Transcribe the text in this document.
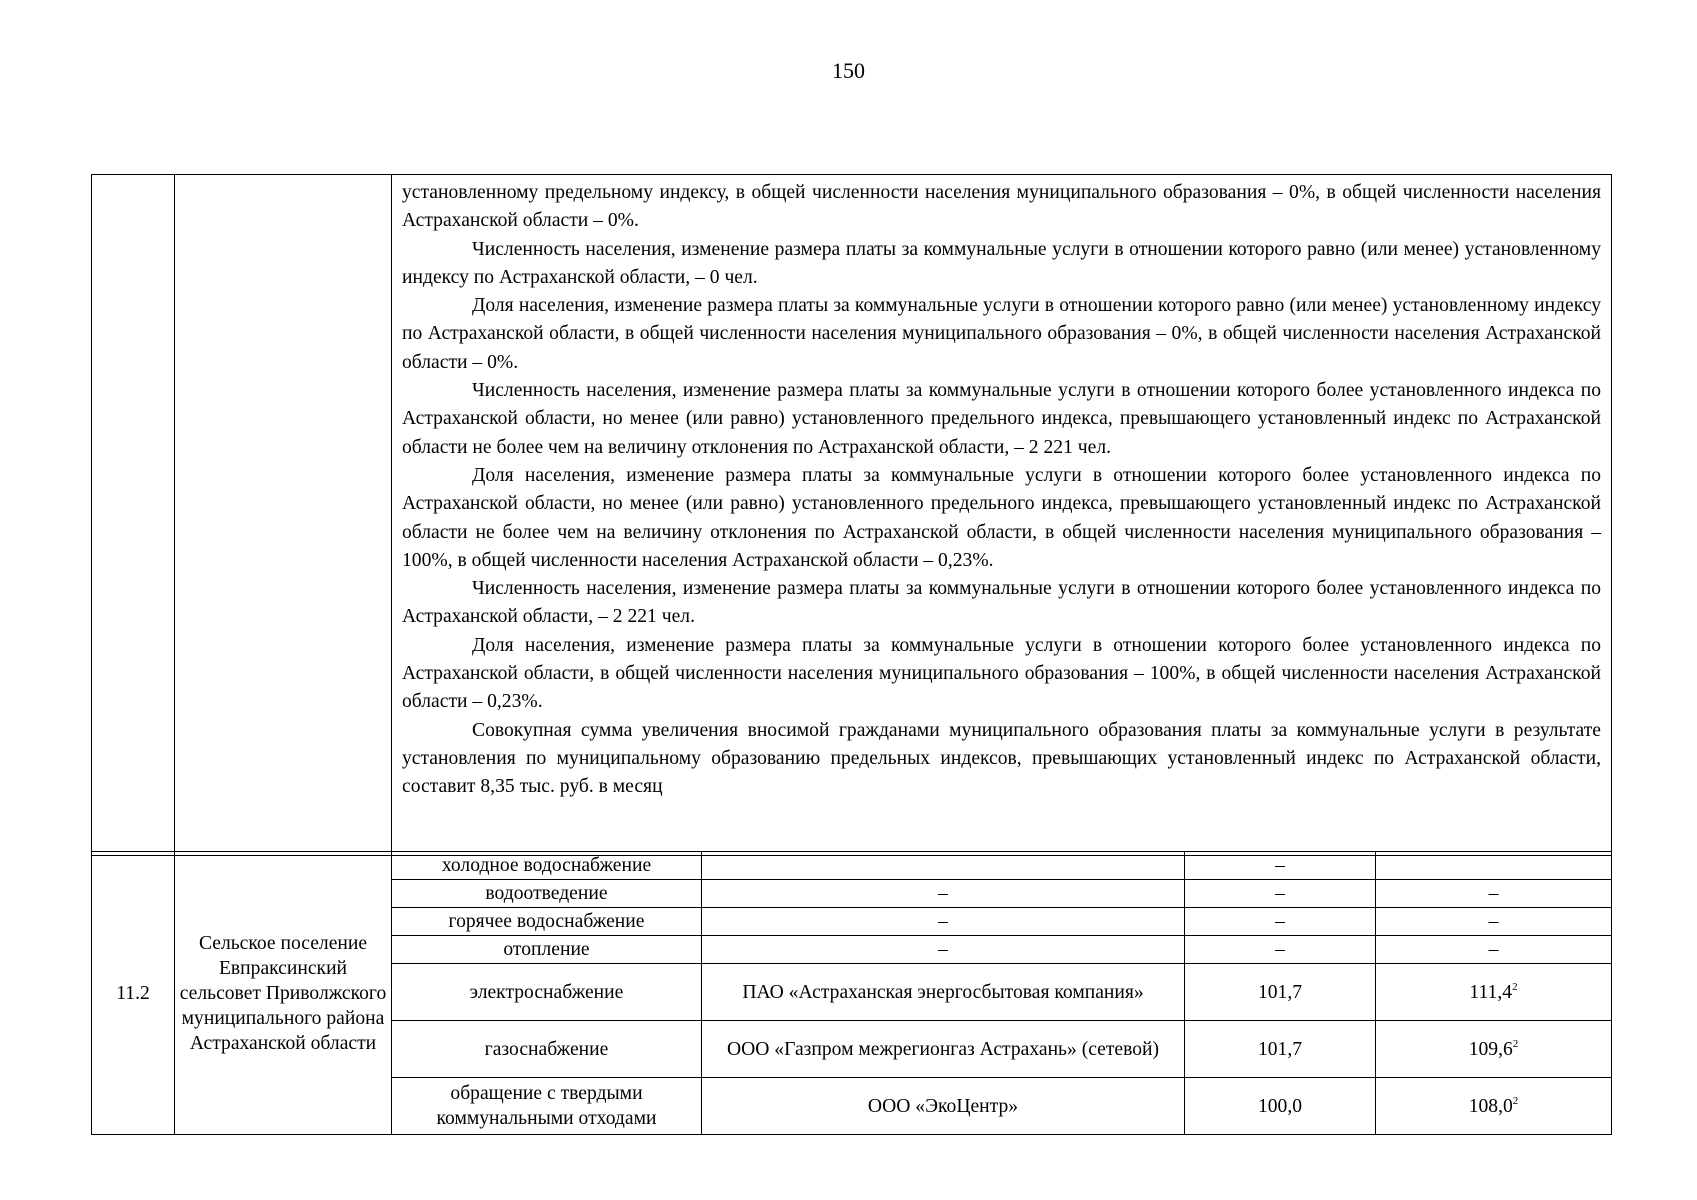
150

установленному предельному индексу, в общей численности населения муниципального образования – 0%, в общей численности населения Астраханской области – 0%.

Численность населения, изменение размера платы за коммунальные услуги в отношении которого равно (или менее) установленному индексу по Астраханской области, – 0 чел.

Доля населения, изменение размера платы за коммунальные услуги в отношении которого равно (или менее) установленному индексу по Астраханской области, в общей численности населения муниципального образования – 0%, в общей численности населения Астраханской области – 0%.

Численность населения, изменение размера платы за коммунальные услуги в отношении которого более установленного индекса по Астраханской области, но менее (или равно) установленного предельного индекса, превышающего установленный индекс по Астраханской области не более чем на величину отклонения по Астраханской области, – 2 221 чел.

Доля населения, изменение размера платы за коммунальные услуги в отношении которого более установленного индекса по Астраханской области, но менее (или равно) установленного предельного индекса, превышающего установленный индекс по Астраханской области не более чем на величину отклонения по Астраханской области, в общей численности населения муниципального образования – 100%, в общей численности населения Астраханской области – 0,23%.

Численность населения, изменение размера платы за коммунальные услуги в отношении которого более установленного индекса по Астраханской области, – 2 221 чел.

Доля населения, изменение размера платы за коммунальные услуги в отношении которого более установленного индекса по Астраханской области, в общей численности населения муниципального образования – 100%, в общей численности населения Астраханской области – 0,23%.

Совокупная сумма увеличения вносимой гражданами муниципального образования платы за коммунальные услуги в результате установления по муниципальному образованию предельных индексов, превышающих установленный индекс по Астраханской области, составит 8,35 тыс. руб. в месяц

11.2	Сельское поселение Евпраксинский сельсовет Приволжского муниципального района Астраханской области	холодное водоснабжение		–	
		водоотведение	–	–	–
		горячее водоснабжение	–	–	–
		отопление	–	–	–
		электроснабжение	ПАО «Астраханская энергосбытовая компания»	101,7	111,4$^2$
		газоснабжение	ООО «Газпром межрегионгаз Астрахань» (сетевой)	101,7	109,6$^2$
		обращение с твердыми коммунальными отходами	ООО «ЭкоЦентр»	100,0	108,0$^2$
